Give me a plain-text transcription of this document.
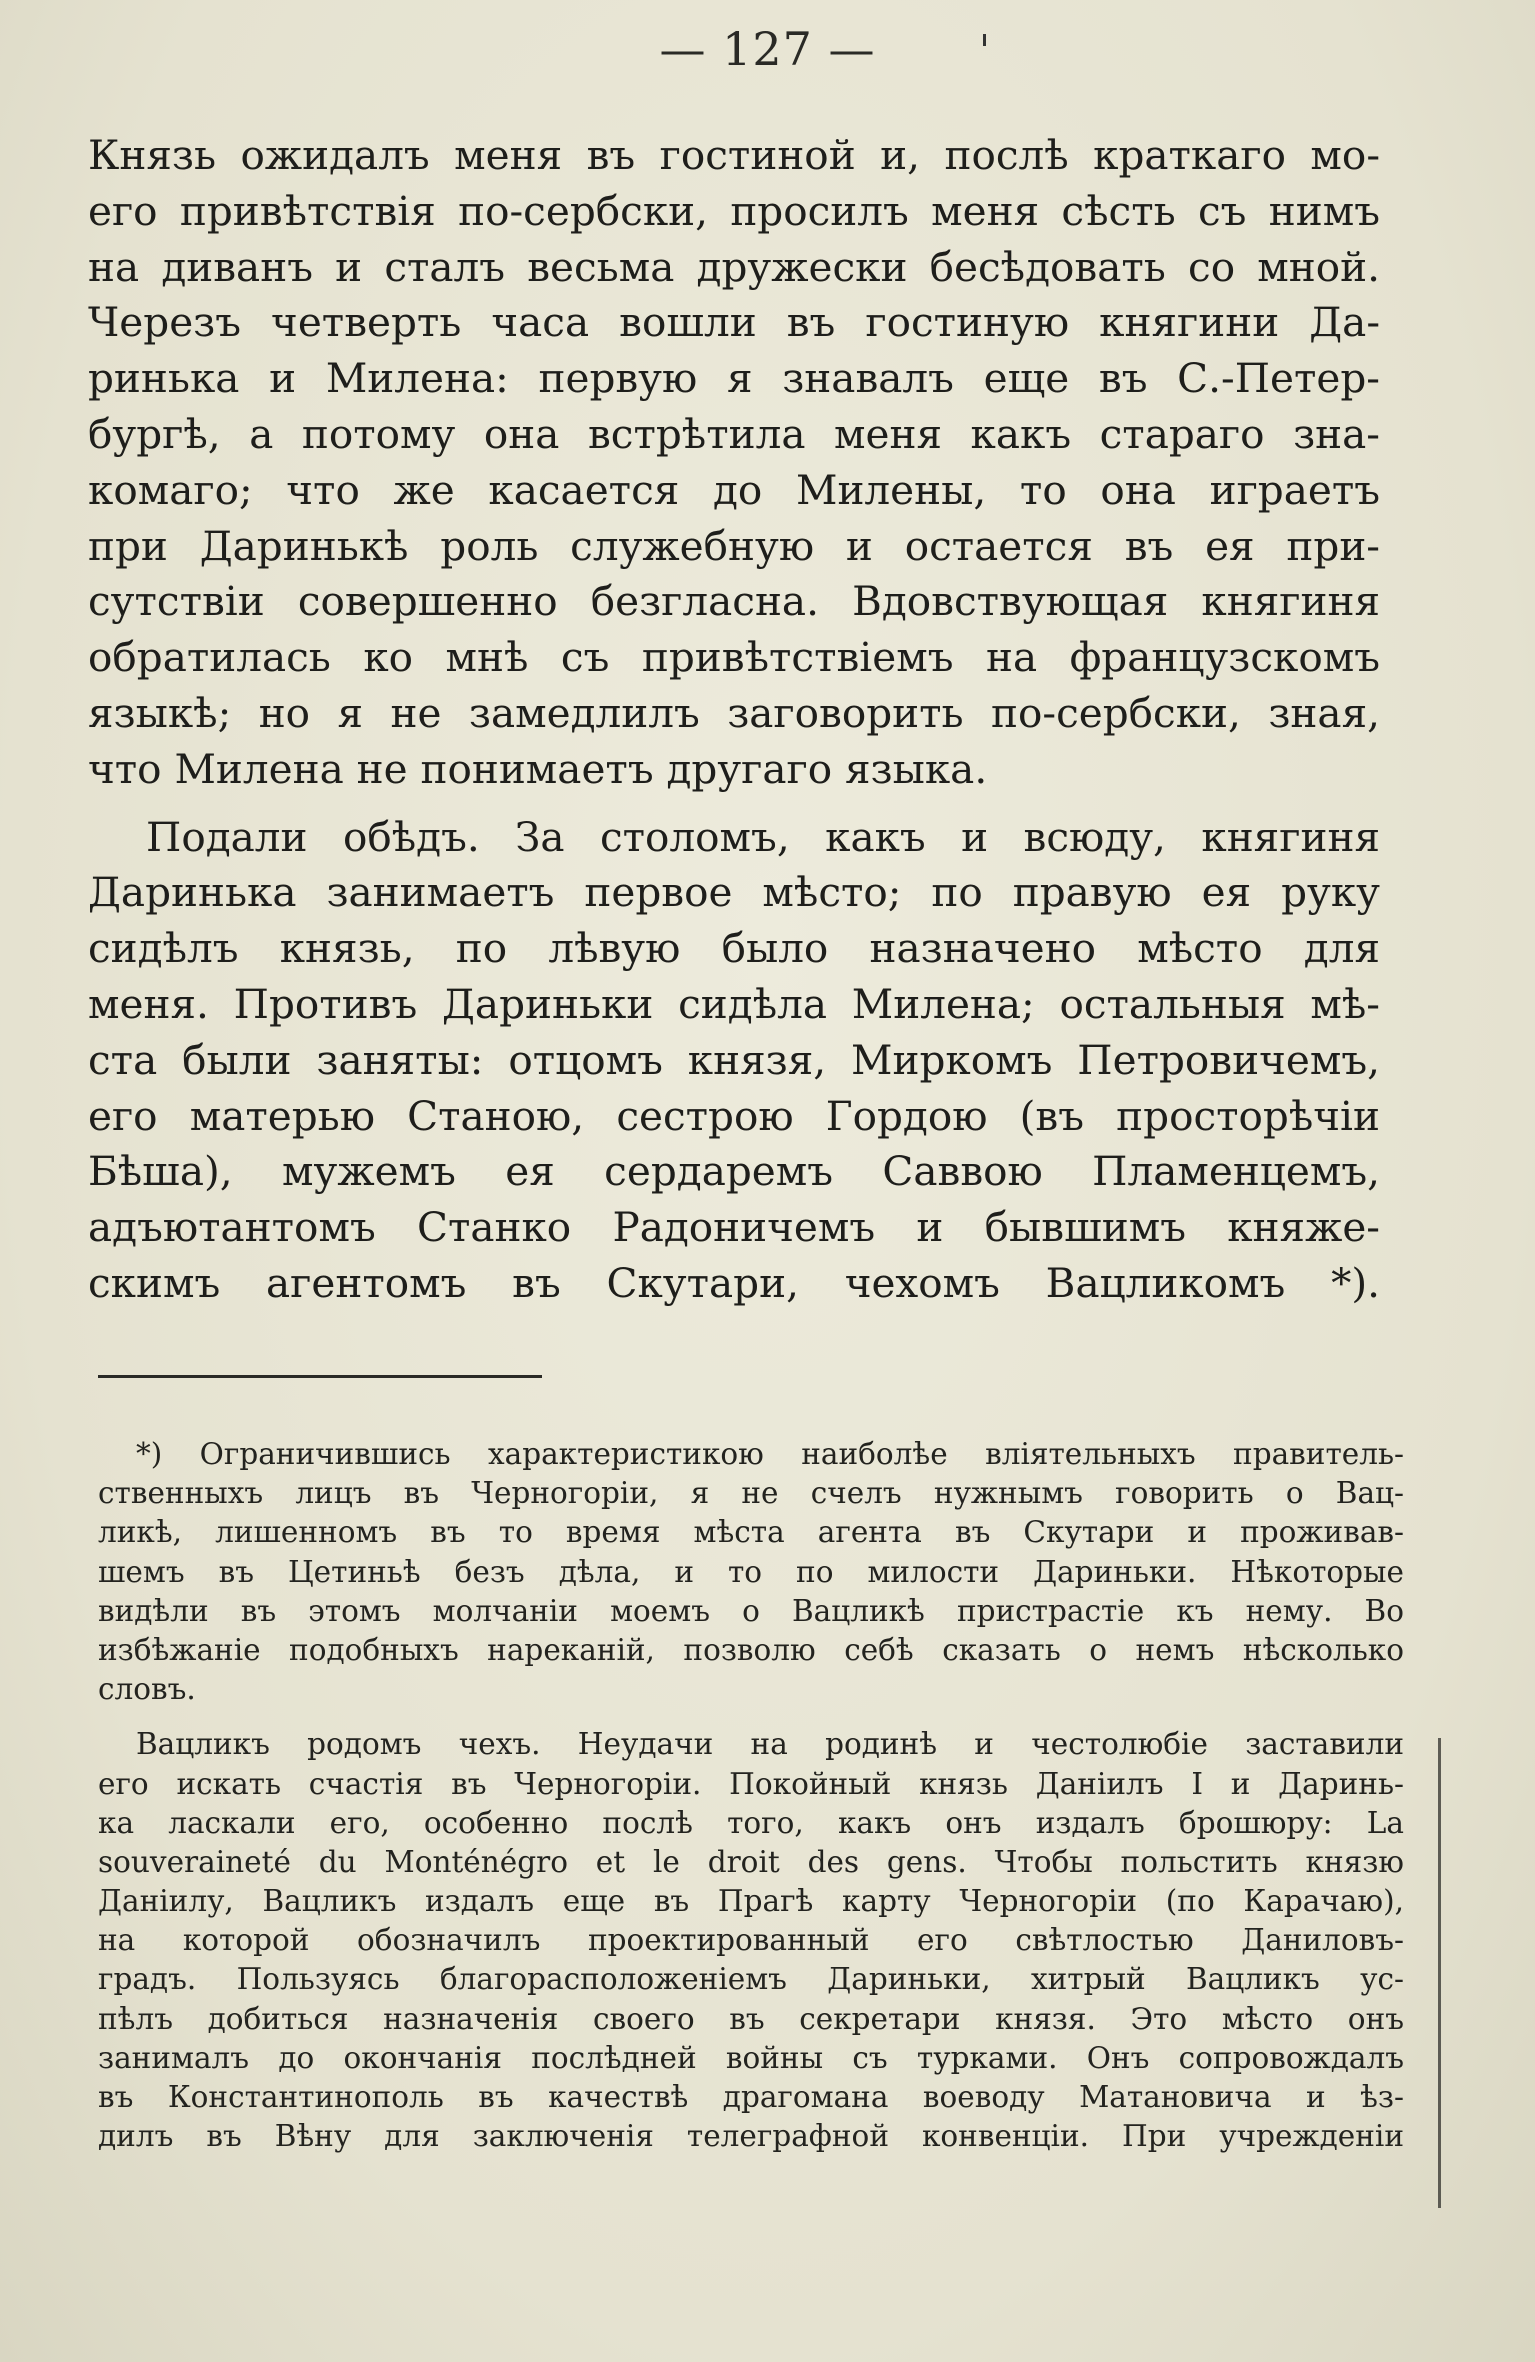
— 127 —
Князь ожидалъ меня въ гостиной и, послѣ краткаго мо-
его привѣтствія по-сербски, просилъ меня сѣсть съ нимъ
на диванъ и сталъ весьма дружески бесѣдовать со мной.
Черезъ четверть часа вошли въ гостиную княгини Да-
ринька и Милена: первую я знавалъ еще въ С.-Петер-
бургѣ, а потому она встрѣтила меня какъ стараго зна-
комаго; что же касается до Милены, то она играетъ
при Даринькѣ роль служебную и остается въ ея при-
сутствіи совершенно безгласна. Вдовствующая княгиня
обратилась ко мнѣ съ привѣтствіемъ на французскомъ
языкѣ; но я не замедлилъ заговорить по-сербски, зная,
что Милена не понимаетъ другаго языка.
Подали обѣдъ. За столомъ, какъ и всюду, княгиня
Даринька занимаетъ первое мѣсто; по правую ея руку
сидѣлъ князь, по лѣвую было назначено мѣсто для
меня. Противъ Дариньки сидѣла Милена; остальныя мѣ-
ста были заняты: отцомъ князя, Миркомъ Петровичемъ,
его матерью Станою, сестрою Гордою (въ просторѣчіи
Бѣша), мужемъ ея сердаремъ Саввою Пламенцемъ,
адъютантомъ Станко Радоничемъ и бывшимъ княже-
скимъ агентомъ въ Скутари, чехомъ Вацликомъ *).
*) Ограничившись характеристикою наиболѣе вліятельныхъ правитель-
ственныхъ лицъ въ Черногоріи, я не счелъ нужнымъ говорить о Вац-
ликѣ, лишенномъ въ то время мѣста агента въ Скутари и проживав-
шемъ въ Цетиньѣ безъ дѣла, и то по милости Дариньки. Нѣкоторые
видѣли въ этомъ молчаніи моемъ о Вацликѣ пристрастіе къ нему. Во
избѣжаніе подобныхъ нареканій, позволю себѣ сказать о немъ нѣсколько
словъ.
Вацликъ родомъ чехъ. Неудачи на родинѣ и честолюбіе заставили
его искать счастія въ Черногоріи. Покойный князь Даніилъ I и Даринь-
ка ласкали его, особенно послѣ того, какъ онъ издалъ брошюру: La
souveraineté du Monténégro et le droit des gens. Чтобы польстить князю
Даніилу, Вацликъ издалъ еще въ Прагѣ карту Черногоріи (по Карачаю),
на которой обозначилъ проектированный его свѣтлостью Даниловъ-
градъ. Пользуясь благорасположеніемъ Дариньки, хитрый Вацликъ ус-
пѣлъ добиться назначенія своего въ секретари князя. Это мѣсто онъ
занималъ до окончанія послѣдней войны съ турками. Онъ сопровождалъ
въ Константинополь въ качествѣ драгомана воеводу Матановича и ѣз-
дилъ въ Вѣну для заключенія телеграфной конвенціи. При учрежденіи
